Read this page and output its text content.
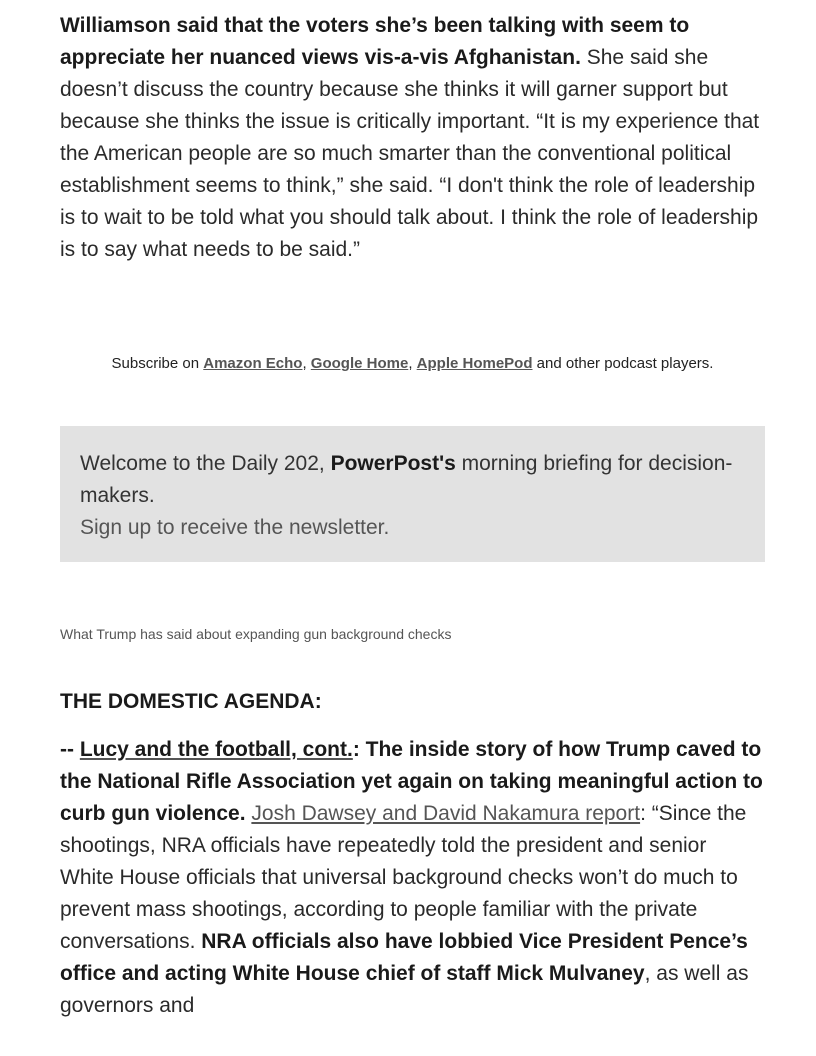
Williamson said that the voters she’s been talking with seem to appreciate her nuanced views vis-a-vis Afghanistan. She said she doesn’t discuss the country because she thinks it will garner support but because she thinks the issue is critically important. “It is my experience that the American people are so much smarter than the conventional political establishment seems to think,” she said. “I don't think the role of leadership is to wait to be told what you should talk about. I think the role of leadership is to say what needs to be said.”

Subscribe on Amazon Echo, Google Home, Apple HomePod and other podcast players.

Welcome to the Daily 202, PowerPost's morning briefing for decision-makers.
Sign up to receive the newsletter.
What Trump has said about expanding gun background checks
THE DOMESTIC AGENDA:

-- Lucy and the football, cont.: The inside story of how Trump caved to the National Rifle Association yet again on taking meaningful action to curb gun violence. Josh Dawsey and David Nakamura report: “Since the shootings, NRA officials have repeatedly told the president and senior White House officials that universal background checks won’t do much to prevent mass shootings, according to people familiar with the private conversations. NRA officials also have lobbied Vice President Pence’s office and acting White House chief of staff Mick Mulvaney, as well as governors and
